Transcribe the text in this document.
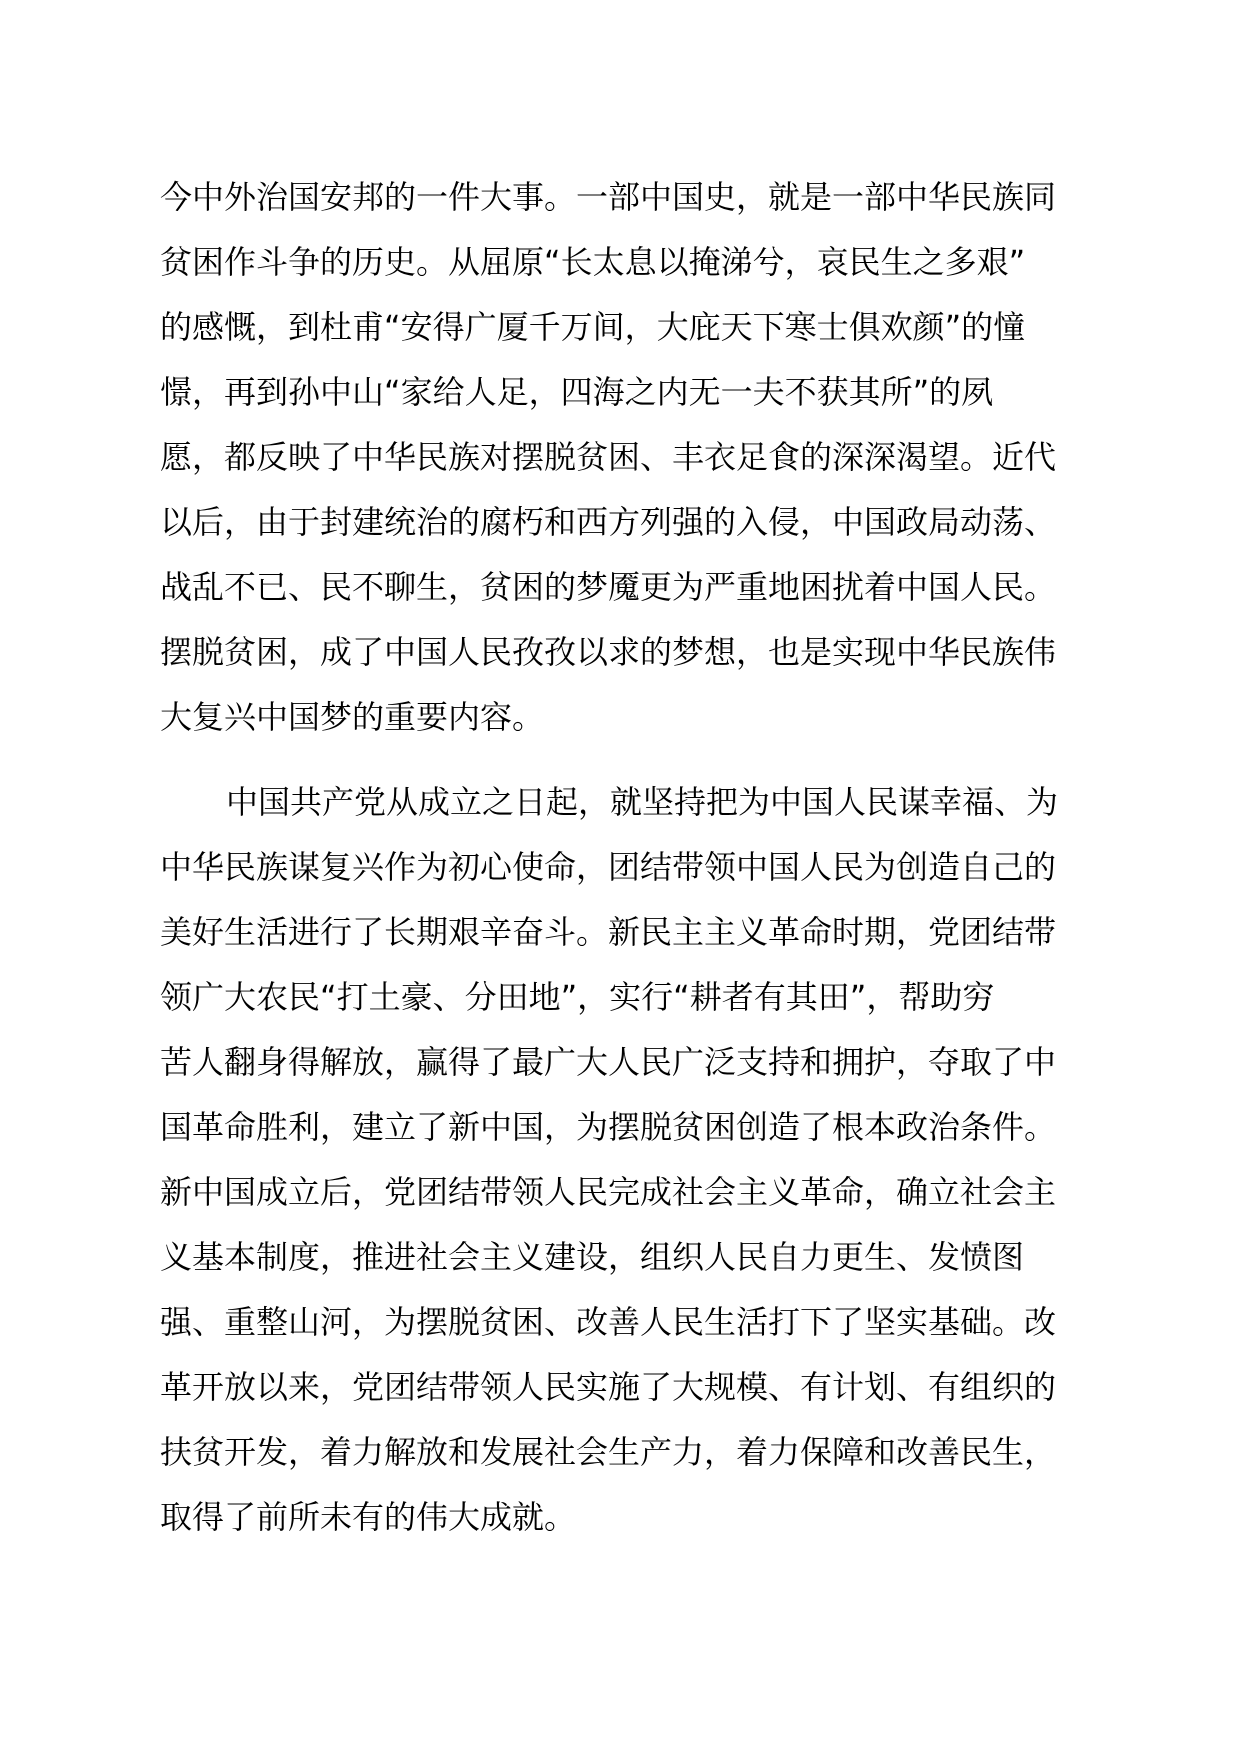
今中外治国安邦的一件大事。一部中国史，就是一部中华民族同
贫困作斗争的历史。从屈原“长太息以掩涕兮，哀民生之多艰”
的感慨，到杜甫“安得广厦千万间，大庇天下寒士俱欢颜”的憧
憬，再到孙中山“家给人足，四海之内无一夫不获其所”的夙
愿，都反映了中华民族对摆脱贫困、丰衣足食的深深渴望。近代
以后，由于封建统治的腐朽和西方列强的入侵，中国政局动荡、
战乱不已、民不聊生，贫困的梦魇更为严重地困扰着中国人民。
摆脱贫困，成了中国人民孜孜以求的梦想，也是实现中华民族伟
大复兴中国梦的重要内容。
中国共产党从成立之日起，就坚持把为中国人民谋幸福、为
中华民族谋复兴作为初心使命，团结带领中国人民为创造自己的
美好生活进行了长期艰辛奋斗。新民主主义革命时期，党团结带
领广大农民“打土豪、分田地”，实行“耕者有其田”，帮助穷
苦人翻身得解放，赢得了最广大人民广泛支持和拥护，夺取了中
国革命胜利，建立了新中国，为摆脱贫困创造了根本政治条件。
新中国成立后，党团结带领人民完成社会主义革命，确立社会主
义基本制度，推进社会主义建设，组织人民自力更生、发愤图
强、重整山河，为摆脱贫困、改善人民生活打下了坚实基础。改
革开放以来，党团结带领人民实施了大规模、有计划、有组织的
扶贫开发，着力解放和发展社会生产力，着力保障和改善民生，
取得了前所未有的伟大成就。
